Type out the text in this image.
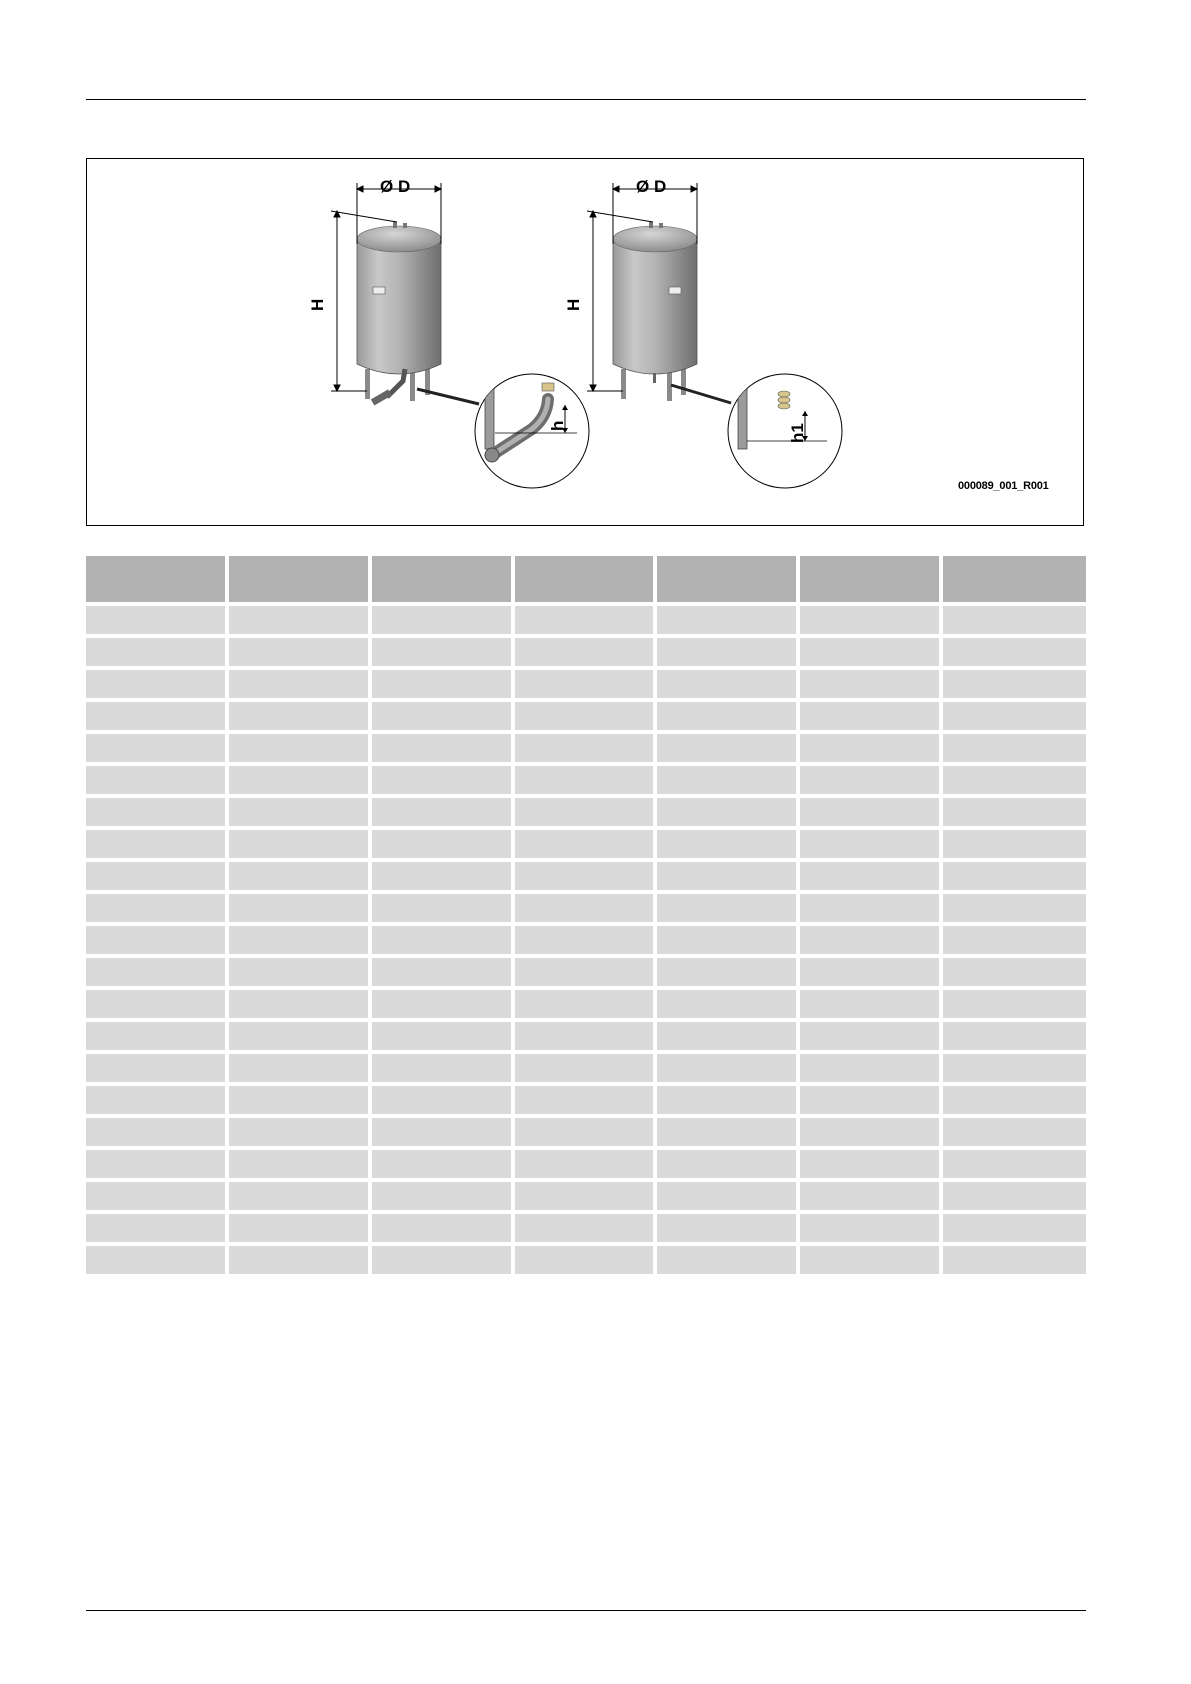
Ø D
H
h
Ø D
H
h1
000089_001_R001
